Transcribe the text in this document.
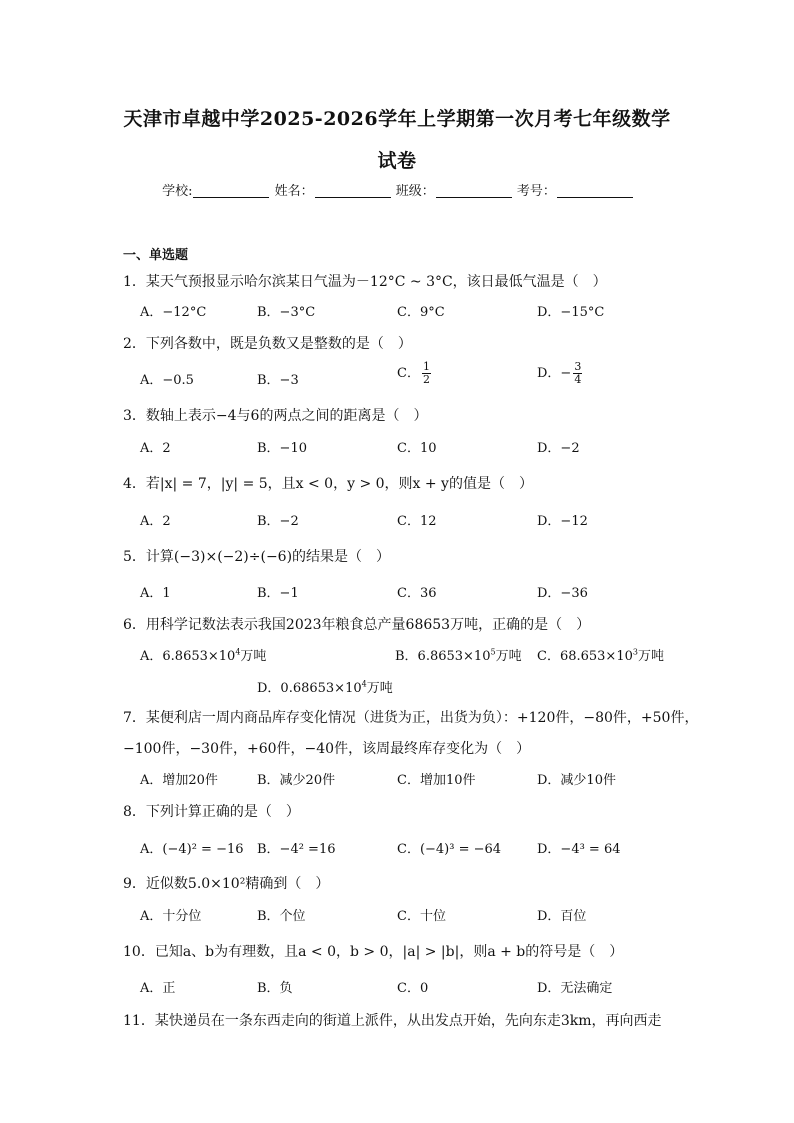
天津市卓越中学2025-2026学年上学期第一次月考七年级数学
试卷
学校:	姓名：	班级：	考号：
一、单选题
1．某天气预报显示哈尔滨某日气温为－12°C ~ 3°C，该日最低气温是（　）
A．−12°C	B．−3°C	C．9°C	D．−15°C
2．下列各数中，既是负数又是整数的是（　）
A．−0.5	B．−3	C． $\frac{1}{2}$	D．− $\frac{3}{4}$
3．数轴上表示−4与6的两点之间的距离是（　）
A．2	B．−10	C．10	D．−2
4．若|x| = 7，|y| = 5，且x < 0，y > 0，则x + y的值是（　）
A．2	B．−2	C．12	D．−12
5．计算(−3)×(−2)÷(−6)的结果是（　）
A．1	B．−1	C．36	D．−36
6．用科学记数法表示我国2023年粮食总产量68653万吨，正确的是（　）
A．$6.8653\times 10^4$万吨	B．$6.8653\times 10^5$万吨 C．$68.653\times 10^3$万吨
D．$0.68653\times 10^4$万吨
7．某便利店一周内商品库存变化情况（进货为正，出货为负）：+120件，−80件，+50件，
−100件，−30件，+60件，−40件，该周最终库存变化为（　）
A．增加20件	B．减少20件	C．增加10件	D．减少10件
8．下列计算正确的是（　）
A．(−4)² = −16 B．−4² =16	C．(−4)³ = −64	D．−4³ = 64
9．近似数5.0×10²精确到（　）
A．十分位	B．个位	C．十位	D．百位
10．已知a、b为有理数，且a < 0，b > 0，|a| > |b|，则a + b的符号是（　）
A．正	B．负	C．0	D．无法确定
11．某快递员在一条东西走向的街道上派件，从出发点开始，先向东走3km，再向西走
